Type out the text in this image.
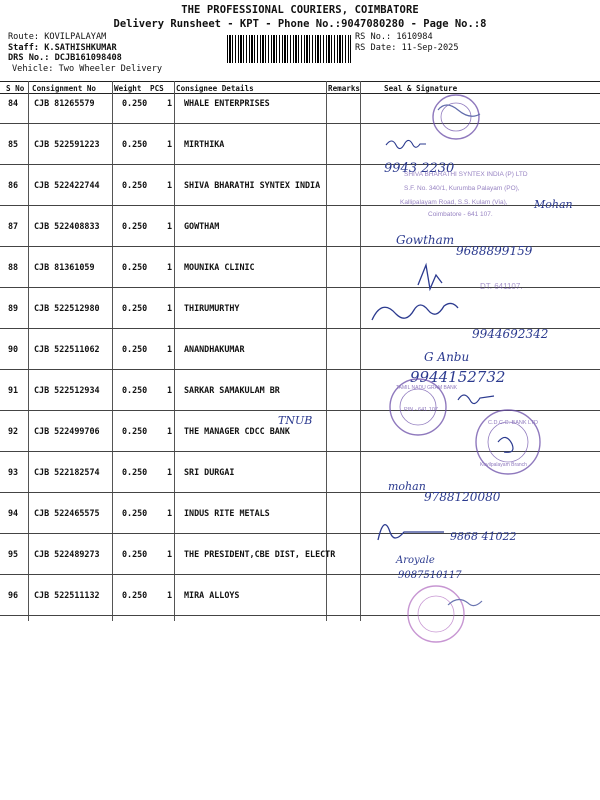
THE PROFESSIONAL COURIERS, COIMBATORE
Delivery Runsheet - KPT - Phone No.:9047080280 - Page No.:8
Route: KOVILPALAYAM
Staff: K.SATHISHKUMAR
DRS No.: DCJB161098408
Vehicle: Two Wheeler Delivery
RS No.: 1610984
RS Date: 11-Sep-2025
S No Consignment No Weight PCS Consignee Details	Remarks	Seal & Signature
84 CJB 81265579	0.250 1 WHALE ENTERPRISES
85 CJB 522591223	0.250 1 MIRTHIKA
86 CJB 522422744	0.250 1 SHIVA BHARATHI SYNTEX INDIA
87 CJB 522408833	0.250 1 GOWTHAM
88 CJB 81361059	0.250 1 MOUNIKA CLINIC
89 CJB 522512980	0.250 1 THIRUMURTHY
90 CJB 522511062	0.250 1 ANANDHAKUMAR
91 CJB 522512934	0.250 1 SARKAR SAMAKULAM BR
92 CJB 522499706	0.250 1 THE MANAGER CDCC BANK
93 CJB 522182574	0.250 1 SRI DURGAI
94 CJB 522465575	0.250 1 INDUS RITE METALS
95 CJB 522489273	0.250 1 THE PRESIDENT,CBE DIST, ELECTR
96 CJB 522511132	0.250 1 MIRA ALLOYS
9943 2230
SHIVA BHARATHI SYNTEX INDIA (P) LTD
S.F. No. 340/1, Kurumba Palayam (PO),
Kallipalayam Road, S.S. Kulam (Via),
Coimbatore - 641 107.
Mohan
Gowtham
9688899159
DT. 641107.
9944692342
G Anbu
9944152732
TNUB
TAMIL NADU GRAM BANK
PIN - 641 107
C.D.C.C. BANK LTD
Kovilpalayam Branch
mohan
9788120080
9868 41022
Aroyale
9087510117
